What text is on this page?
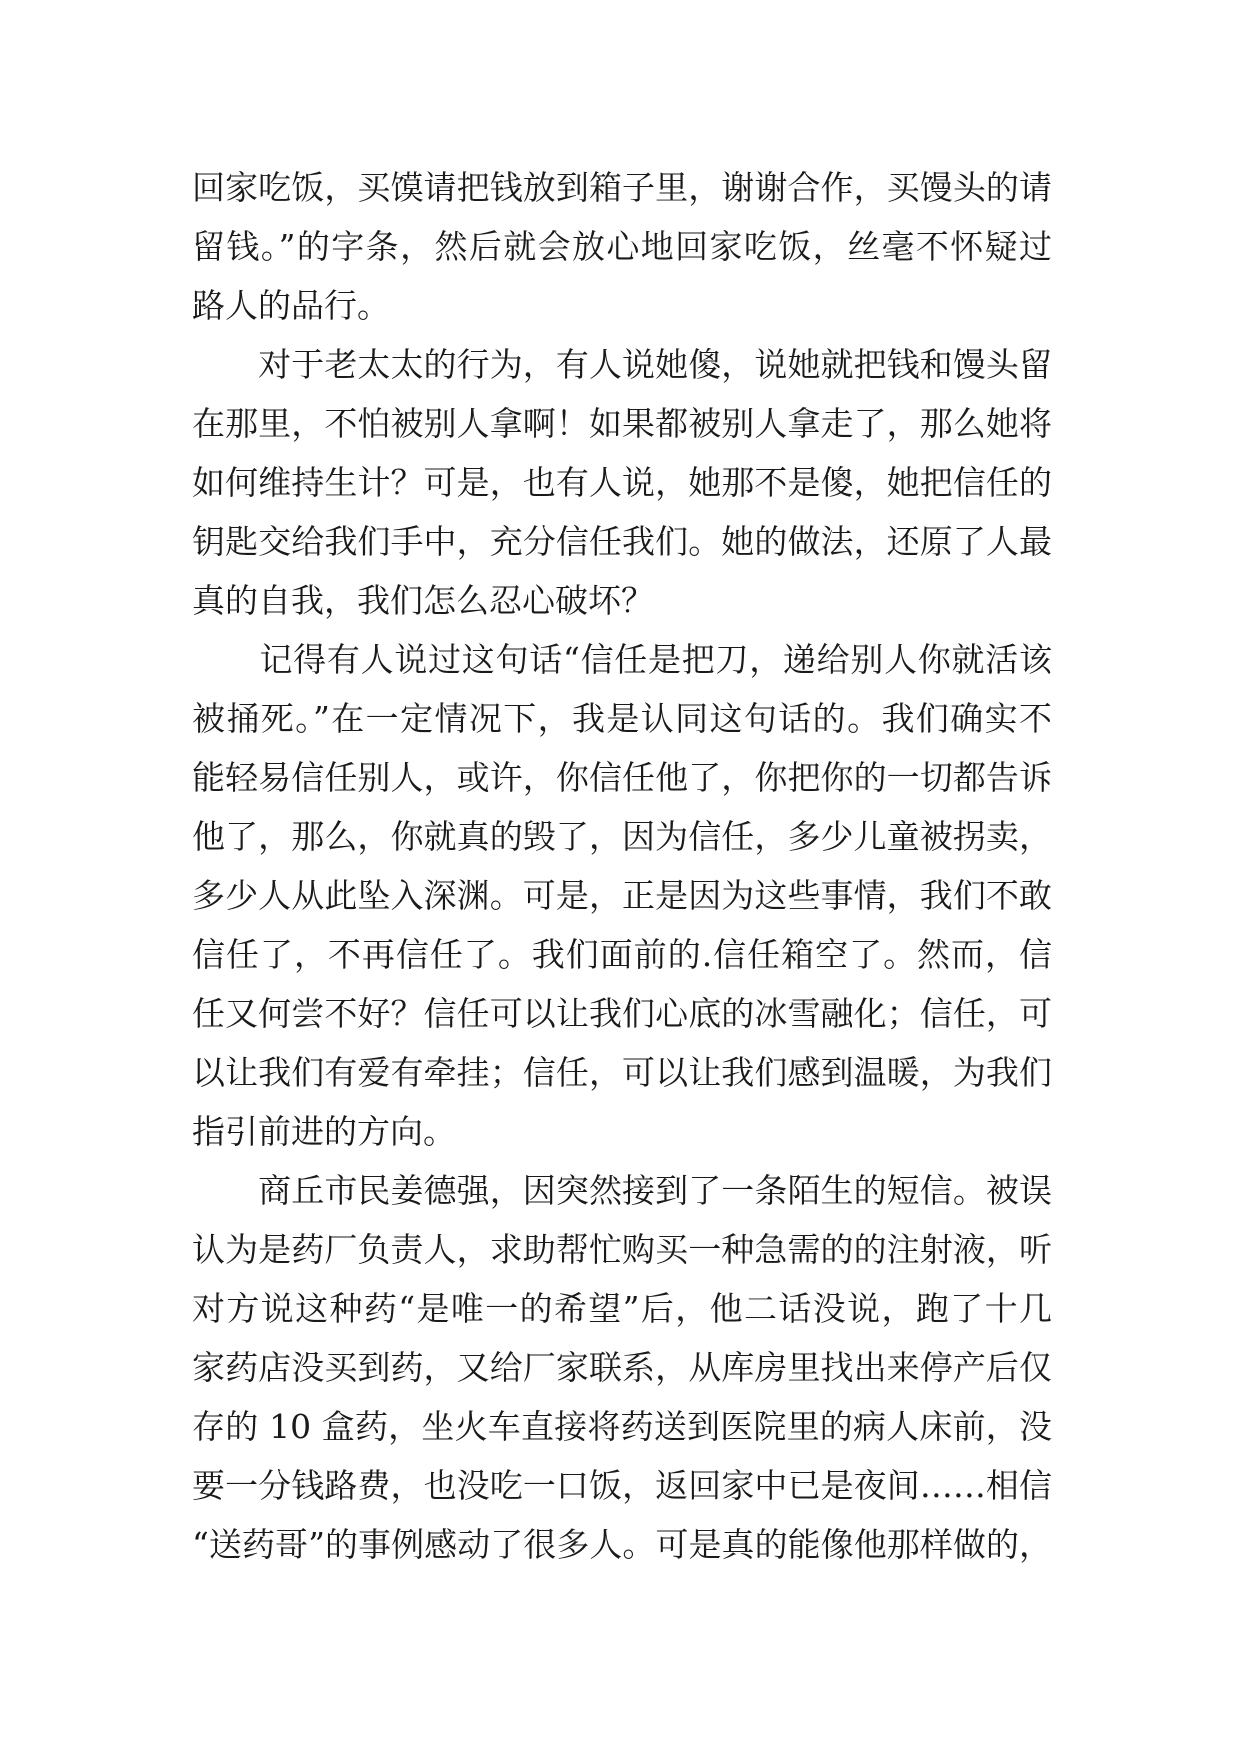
回家吃饭，买馍请把钱放到箱子里，谢谢合作，买馒头的请
留钱。”的字条，然后就会放心地回家吃饭，丝毫不怀疑过
路人的品行。
　　对于老太太的行为，有人说她傻，说她就把钱和馒头留
在那里，不怕被别人拿啊！如果都被别人拿走了，那么她将
如何维持生计？可是，也有人说，她那不是傻，她把信任的
钥匙交给我们手中，充分信任我们。她的做法，还原了人最
真的自我，我们怎么忍心破坏？
　　记得有人说过这句话“信任是把刀，递给别人你就活该
被捅死。”在一定情况下，我是认同这句话的。我们确实不
能轻易信任别人，或许，你信任他了，你把你的一切都告诉
他了，那么，你就真的毁了，因为信任，多少儿童被拐卖，
多少人从此坠入深渊。可是，正是因为这些事情，我们不敢
信任了，不再信任了。我们面前的.信任箱空了。然而，信
任又何尝不好？信任可以让我们心底的冰雪融化；信任，可
以让我们有爱有牵挂；信任，可以让我们感到温暖，为我们
指引前进的方向。
　　商丘市民姜德强，因突然接到了一条陌生的短信。被误
认为是药厂负责人，求助帮忙购买一种急需的的注射液，听
对方说这种药“是唯一的希望”后，他二话没说，跑了十几
家药店没买到药，又给厂家联系，从库房里找出来停产后仅
存的 10 盒药，坐火车直接将药送到医院里的病人床前，没
要一分钱路费，也没吃一口饭，返回家中已是夜间……相信
“送药哥”的事例感动了很多人。可是真的能像他那样做的，
